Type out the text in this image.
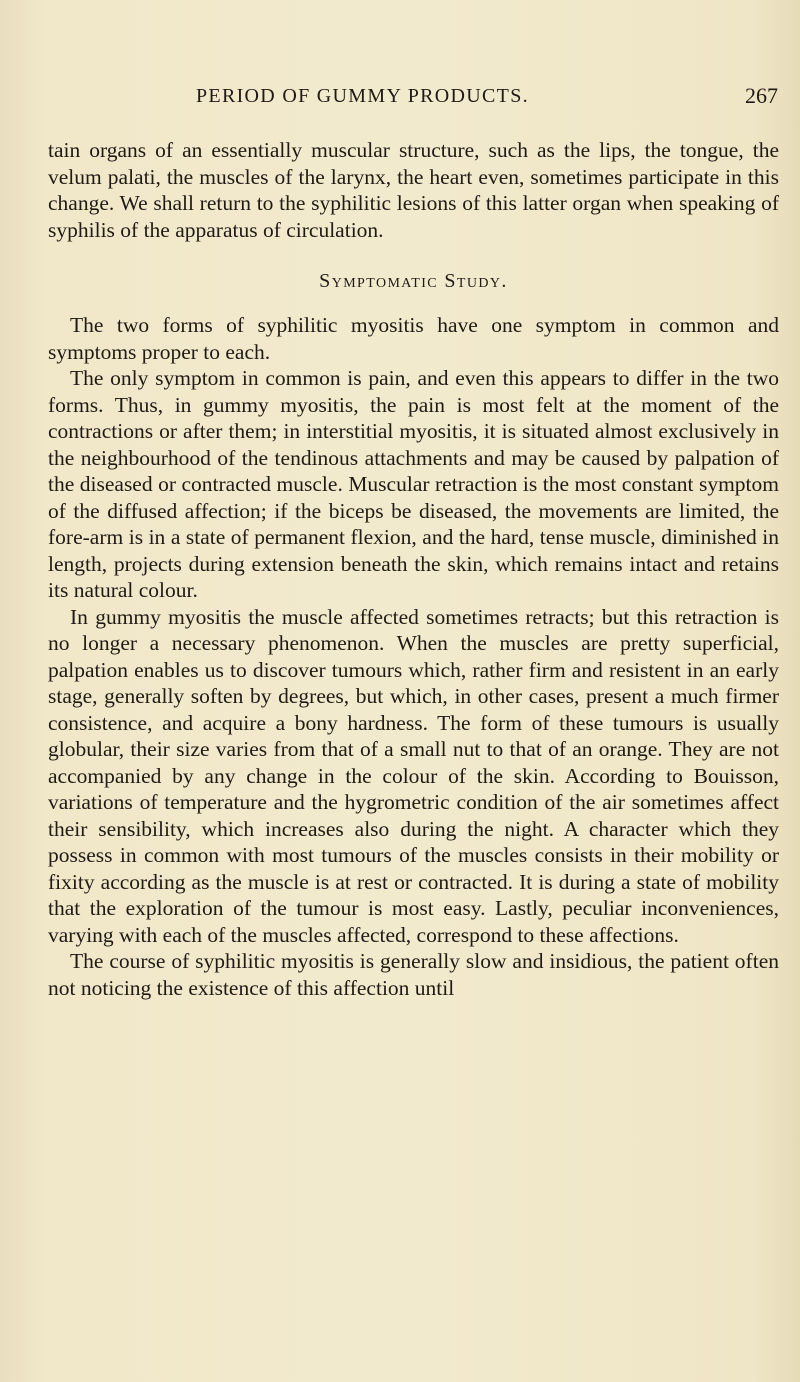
PERIOD OF GUMMY PRODUCTS.	267

tain organs of an essentially muscular structure, such as the lips, the tongue, the velum palati, the muscles of the larynx, the heart even, sometimes participate in this change. We shall return to the syphilitic lesions of this latter organ when speaking of syphilis of the apparatus of circulation.

Symptomatic Study.

The two forms of syphilitic myositis have one symptom in common and symptoms proper to each.

The only symptom in common is pain, and even this appears to differ in the two forms. Thus, in gummy myositis, the pain is most felt at the moment of the contractions or after them; in interstitial myositis, it is situated almost exclusively in the neighbourhood of the tendinous attachments and may be caused by palpation of the diseased or contracted muscle. Muscular retraction is the most constant symptom of the diffused affection; if the biceps be diseased, the movements are limited, the fore-arm is in a state of permanent flexion, and the hard, tense muscle, diminished in length, projects during extension beneath the skin, which remains intact and retains its natural colour.

In gummy myositis the muscle affected sometimes retracts; but this retraction is no longer a necessary phenomenon. When the muscles are pretty superficial, palpation enables us to discover tumours which, rather firm and resistent in an early stage, generally soften by degrees, but which, in other cases, present a much firmer consistence, and acquire a bony hardness. The form of these tumours is usually globular, their size varies from that of a small nut to that of an orange. They are not accompanied by any change in the colour of the skin. According to Bouisson, variations of temperature and the hygrometric condition of the air sometimes affect their sensibility, which increases also during the night. A character which they possess in common with most tumours of the muscles consists in their mobility or fixity according as the muscle is at rest or contracted. It is during a state of mobility that the exploration of the tumour is most easy. Lastly, peculiar inconveniences, varying with each of the muscles affected, correspond to these affections.

The course of syphilitic myositis is generally slow and insidious, the patient often not noticing the existence of this affection until
